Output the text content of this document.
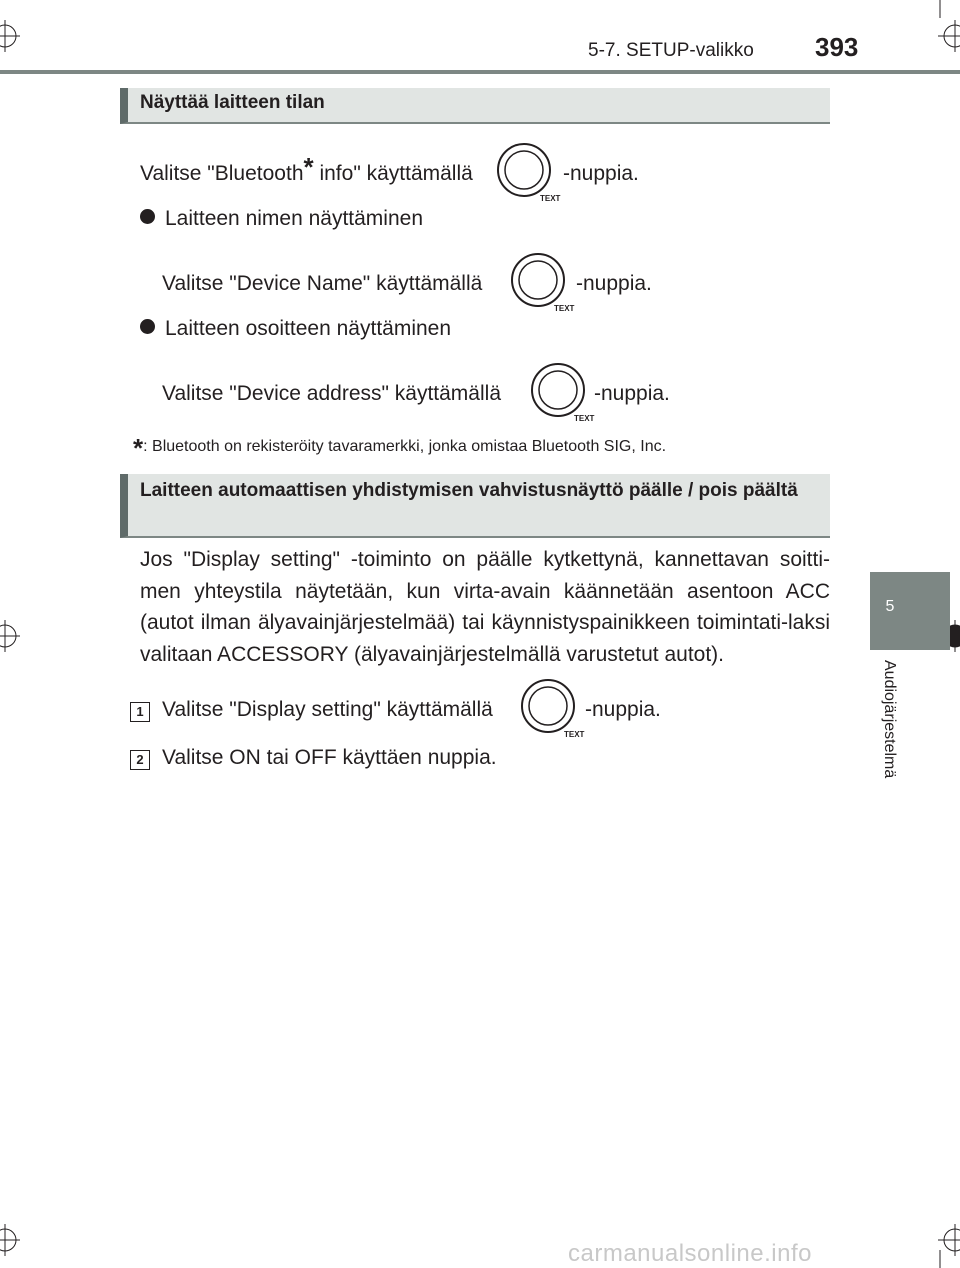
5-7. SETUP-valikko 393
5
Audiojärjestelmä
Näyttää laitteen tilan
Valitse "Bluetooth* info" käyttämällä
TEXT
-nuppia.
Laitteen nimen näyttäminen
Valitse "Device Name" käyttämällä
TEXT
-nuppia.
Laitteen osoitteen näyttäminen
Valitse "Device address" käyttämällä
TEXT
-nuppia.
*: Bluetooth on rekisteröity tavaramerkki, jonka omistaa Bluetooth SIG, Inc.
Laitteen automaattisen yhdistymisen vahvistusnäyttö päälle / pois päältä
Jos "Display setting" -toiminto on päälle kytkettynä, kannettavan soitti-men yhteystila näytetään, kun virta-avain käännetään asentoon ACC (autot ilman älyavainjärjestelmää) tai käynnistyspainikkeen toimintati-laksi valitaan ACCESSORY (älyavainjärjestelmällä varustetut autot).
1 Valitse "Display setting" käyttämällä
TEXT
-nuppia.
2 Valitse ON tai OFF käyttäen nuppia.
carmanualsonline.info
